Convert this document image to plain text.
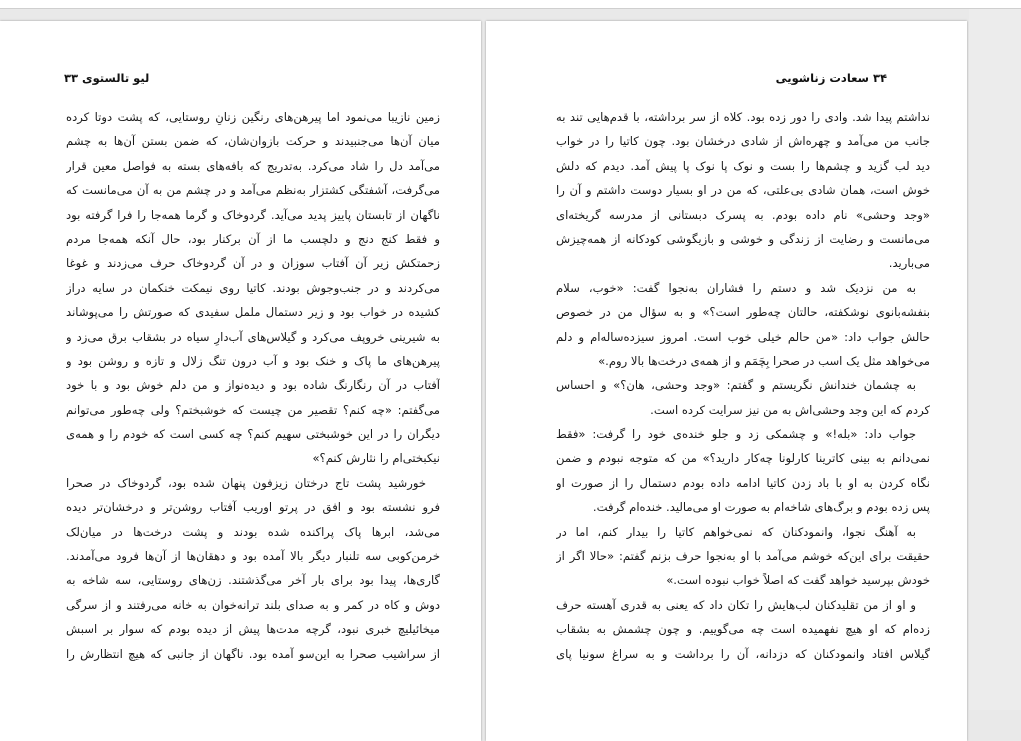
لیو تالستوی ۳۳
زمین نازیبا می‌نمود اما پیرهن‌های رنگین زنانِ روستایی، که پشت دوتا کرده
میان آن‌ها می‌جنبیدند و حرکت بازوان‌شان، که ضمن بستن آن‌ها به چشم
می‌آمد دل را شاد می‌کرد. به‌تدریج که بافه‌های بسته به فواصل معین قرار
می‌گرفت، آشفتگی کشتزار به‌نظم می‌آمد و در چشم من به آن می‌مانست که
ناگهان از تابستان پاییز پدید می‌آید. گردوخاک و گرما همه‌جا را فرا گرفته بود
و فقط کنج دنج و دلچسب ما از آن برکنار بود، حال آنکه همه‌جا مردم
زحمتکش زیر آن آفتاب سوزان و در آن گردوخاک حرف می‌زدند و غوغا
می‌کردند و در جنب‌وجوش بودند. کاتیا روی نیمکت خنکمان در سایه دراز
کشیده در خواب بود و زیر دستمال ململ سفیدی که صورتش را می‌پوشاند
به شیرینی خروپف می‌کرد و گیلاس‌های آب‌دارِ سیاه در بشقاب برق می‌زد و
پیرهن‌های ما پاک و خنک بود و آب درون تنگ زلال و تازه و روشن بود و
آفتاب در آن رنگارنگ شاده بود و دیده‌نواز و من دلم خوش بود و با خود
می‌گفتم: «چه کنم؟ تقصیر من چیست که خوشبختم؟ ولی چه‌طور می‌توانم
دیگران را در این خوشبختی سهیم کنم؟ چه کسی است که خودم را و همه‌ی
نیکبختی‌ام را نثارش کنم؟»
خورشید پشت تاج درختان زیزفون پنهان شده بود، گردوخاک در صحرا
فرو نشسته بود و افق در پرتو اوریب آفتاب روشن‌تر و درخشان‌تر دیده
می‌شد، ابرها پاک پراکنده شده بودند و پشت درخت‌ها در میان‌لک
خرمن‌کوبی سه تلنبار دیگر بالا آمده بود و دهقان‌ها از آن‌ها فرود می‌آمدند.
گاری‌ها، پیدا بود برای بار آخر می‌گذشتند. زن‌های روستایی، سه شاخه به
دوش و کاه در کمر و به صدای بلند ترانه‌خوان به خانه می‌رفتند و از سرگی
میخائیلیچ خبری نبود، گرچه مدت‌ها پیش از دیده بودم که سوار بر اسبش
از سراشیب صحرا به این‌سو آمده بود. ناگهان از جانبی که هیچ انتظارش را
۳۴ سعادت زناشویی
نداشتم پیدا شد. وادی را دور زده بود. کلاه از سر برداشته، با قدم‌هایی تند به
جانب من می‌آمد و چهره‌اش از شادی درخشان بود. چون کاتیا را در خواب
دید لب گزید و چشم‌ها را بست و نوک پا نوک پا پیش آمد. دیدم که دلش
خوش است، همان شادی بی‌علتی، که من در او بسیار دوست داشتم و آن را
«وجد وحشی» نام داده بودم. به پسرک دبستانی از مدرسه گریخته‌ای
می‌مانست و رضایت از زندگی و خوشی و بازیگوشی کودکانه از همه‌چیزش
می‌بارید.
به من نزدیک شد و دستم را فشاران به‌نجوا گفت: «خوب، سلام
بنفشه‌بانوی نوشکفته، حالتان چه‌طور است؟» و به سؤال من در خصوص
حالش جواب داد: «من حالم خیلی خوب است. امروز سیزده‌ساله‌ام و دلم
می‌خواهد مثل یک اسب در صحرا بِچَمَم و از همه‌ی درخت‌ها بالا روم.»
به چشمان خندانش نگریستم و گفتم: «وجد وحشی، هان؟» و احساس
کردم که این وجد وحشی‌اش به من نیز سرایت کرده است.
جواب داد: «بله!» و چشمکی زد و جلو خنده‌ی خود را گرفت: «فقط
نمی‌دانم به بینی کاترینا کارلونا چه‌کار دارید؟» من که متوجه نبودم و ضمن
نگاه کردن به او با باد زدن کاتیا ادامه داده بودم دستمال را از صورت او
پس زده بودم و برگ‌های شاخه‌ام به صورت او می‌مالید. خنده‌ام گرفت.
به آهنگ نجوا، وانمودکنان که نمی‌خواهم کاتیا را بیدار کنم، اما در
حقیقت برای این‌که خوشم می‌آمد با او به‌نجوا حرف بزنم گفتم: «حالا اگر از
خودش بپرسید خواهد گفت که اصلاً خواب نبوده است.»
و او از من تقلیدکنان لب‌هایش را تکان داد که یعنی به قدری آهسته حرف
زده‌ام که او هیچ نفهمیده است چه می‌گوییم. و چون چشمش به بشقاب
گیلاس افتاد وانمودکنان که دزدانه، آن را برداشت و به سراغ سونیا پای
